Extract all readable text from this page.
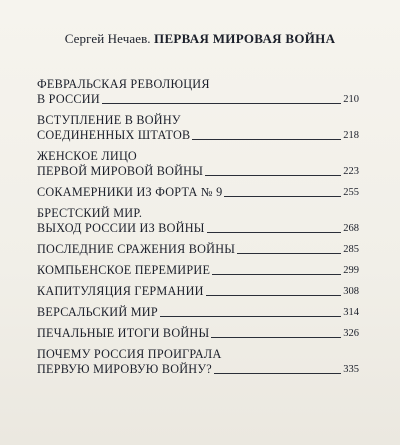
Сергей Нечаев. ПЕРВАЯ МИРОВАЯ ВОЙНА
ФЕВРАЛЬСКАЯ РЕВОЛЮЦИЯ
В РОССИИ	210
ВСТУПЛЕНИЕ В ВОЙНУ
СОЕДИНЕННЫХ ШТАТОВ	218
ЖЕНСКОЕ ЛИЦО
ПЕРВОЙ МИРОВОЙ ВОЙНЫ	223
СОКАМЕРНИКИ ИЗ ФОРТА № 9	255
БРЕСТСКИЙ МИР.
ВЫХОД РОССИИ ИЗ ВОЙНЫ	268
ПОСЛЕДНИЕ СРАЖЕНИЯ ВОЙНЫ	285
КОМПЬЕНСКОЕ ПЕРЕМИРИЕ	299
КАПИТУЛЯЦИЯ ГЕРМАНИИ	308
ВЕРСАЛЬСКИЙ МИР	314
ПЕЧАЛЬНЫЕ ИТОГИ ВОЙНЫ	326
ПОЧЕМУ РОССИЯ ПРОИГРАЛА
ПЕРВУЮ МИРОВУЮ ВОЙНУ?	335
